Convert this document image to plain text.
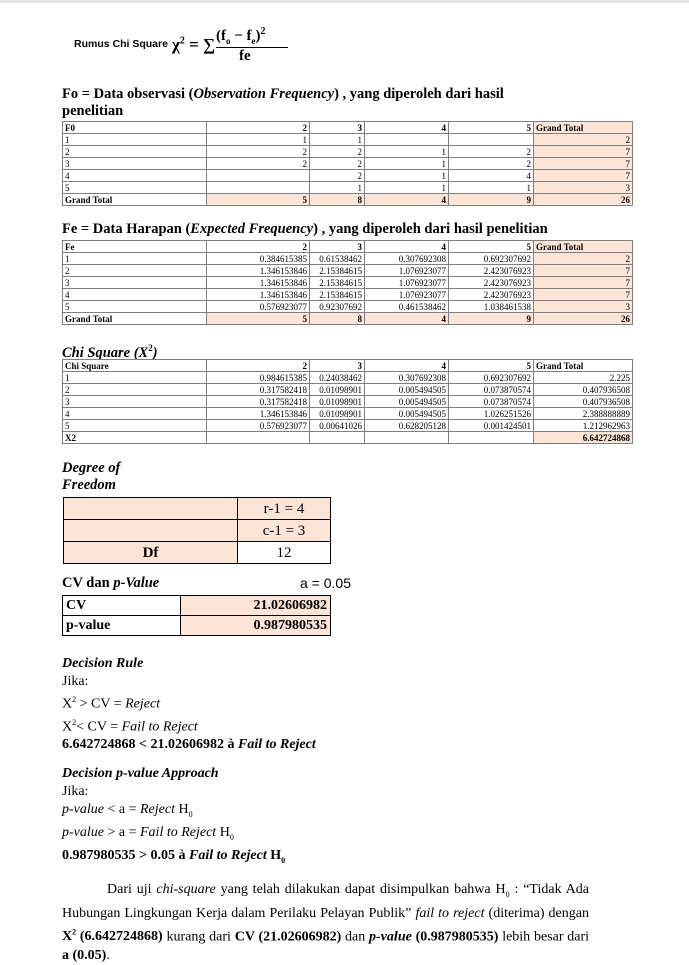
Rumus Chi Square $\chi^2$ = ∑ $(f_o - f_e)^2$
fe
Fo = Data observasi (Observation Frequency) , yang diperoleh dari hasil penelitian
F0	2	3	4	5	Grand Total
1	1	1			2
2	2	2	1	2	7
3	2	2	1	2	7
4		2	1	4	7
5		1	1	1	3
Grand Total	5	8	4	9	26
Fe = Data Harapan (Expected Frequency) , yang diperoleh dari hasil penelitian
Fe	2	3	4	5	Grand Total
1	0.384615385	0.61538462	0.307692308	0.692307692	2
2	1.346153846	2.15384615	1.076923077	2.423076923	7
3	1.346153846	2.15384615	1.076923077	2.423076923	7
4	1.346153846	2.15384615	1.076923077	2.423076923	7
5	0.576923077	0.92307692	0.461538462	1.038461538	3
Grand Total	5	8	4	9	26
Chi Square $(X^2)$
Chi Square	2	3	4	5	Grand Total
1	0.984615385	0.24038462	0.307692308	0.692307692	2.225
2	0.317582418	0.01098901	0.005494505	0.073870574	0.407936508
3	0.317582418	0.01098901	0.005494505	0.073870574	0.407936508
4	1.346153846	0.01098901	0.005494505	1.026251526	2.388888889
5	0.576923077	0.00641026	0.628205128	0.001424501	1.212962963
X2					6.642724868
Degree of
Freedom
	r-1 = 4
	c-1 = 3
Df	12
CV dan p-Value	a = 0.05
CV	21.02606982
p-value	0.987980535
Decision Rule
Jika:
$X^2$ > CV = Reject
$X^2<$ CV = Fail to Reject
6.642724868 < 21.02606982 à Fail to Reject
Decision p-value Approach
Jika:
p-value < a = Reject $H_0$
p-value > a = Fail to Reject $H_0$
0.987980535 > 0.05 à Fail to Reject $H_0$
Dari uji chi-square yang telah dilakukan dapat disimpulkan bahwa $H_0$ : “Tidak Ada Hubungan Lingkungan Kerja dalam Perilaku Pelayan Publik” fail to reject (diterima) dengan $X^2$ (6.642724868) kurang dari CV (21.02606982) dan p-value (0.987980535) lebih besar dari a (0.05).
